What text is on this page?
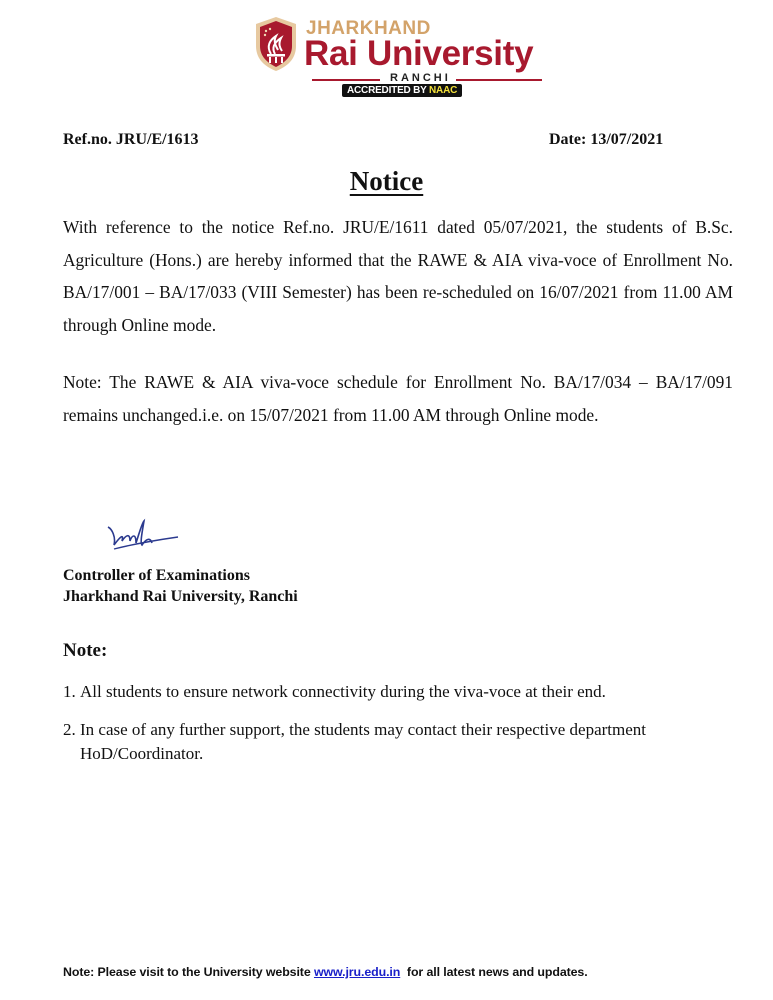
JHARKHAND
Rai University
RANCHI
ACCREDITED BY NAAC
Ref.no. JRU/E/1613	Date: 13/07/2021
Notice

With reference to the notice Ref.no. JRU/E/1611 dated 05/07/2021, the students of B.Sc. Agriculture (Hons.) are hereby informed that the RAWE & AIA viva-voce of Enrollment No. BA/17/001 – BA/17/033 (VIII Semester) has been re-scheduled on 16/07/2021 from 11.00 AM through Online mode.

Note: The RAWE & AIA viva-voce schedule for Enrollment No. BA/17/034 – BA/17/091 remains unchanged.i.e. on 15/07/2021 from 11.00 AM through Online mode.

Controller of Examinations
Jharkhand Rai University, Ranchi
Note:
1. All students to ensure network connectivity during the viva-voce at their end.
2. In case of any further support, the students may contact their respective department
HoD/Coordinator.
Note: Please visit to the University website www.jru.edu.in  for all latest news and updates.
